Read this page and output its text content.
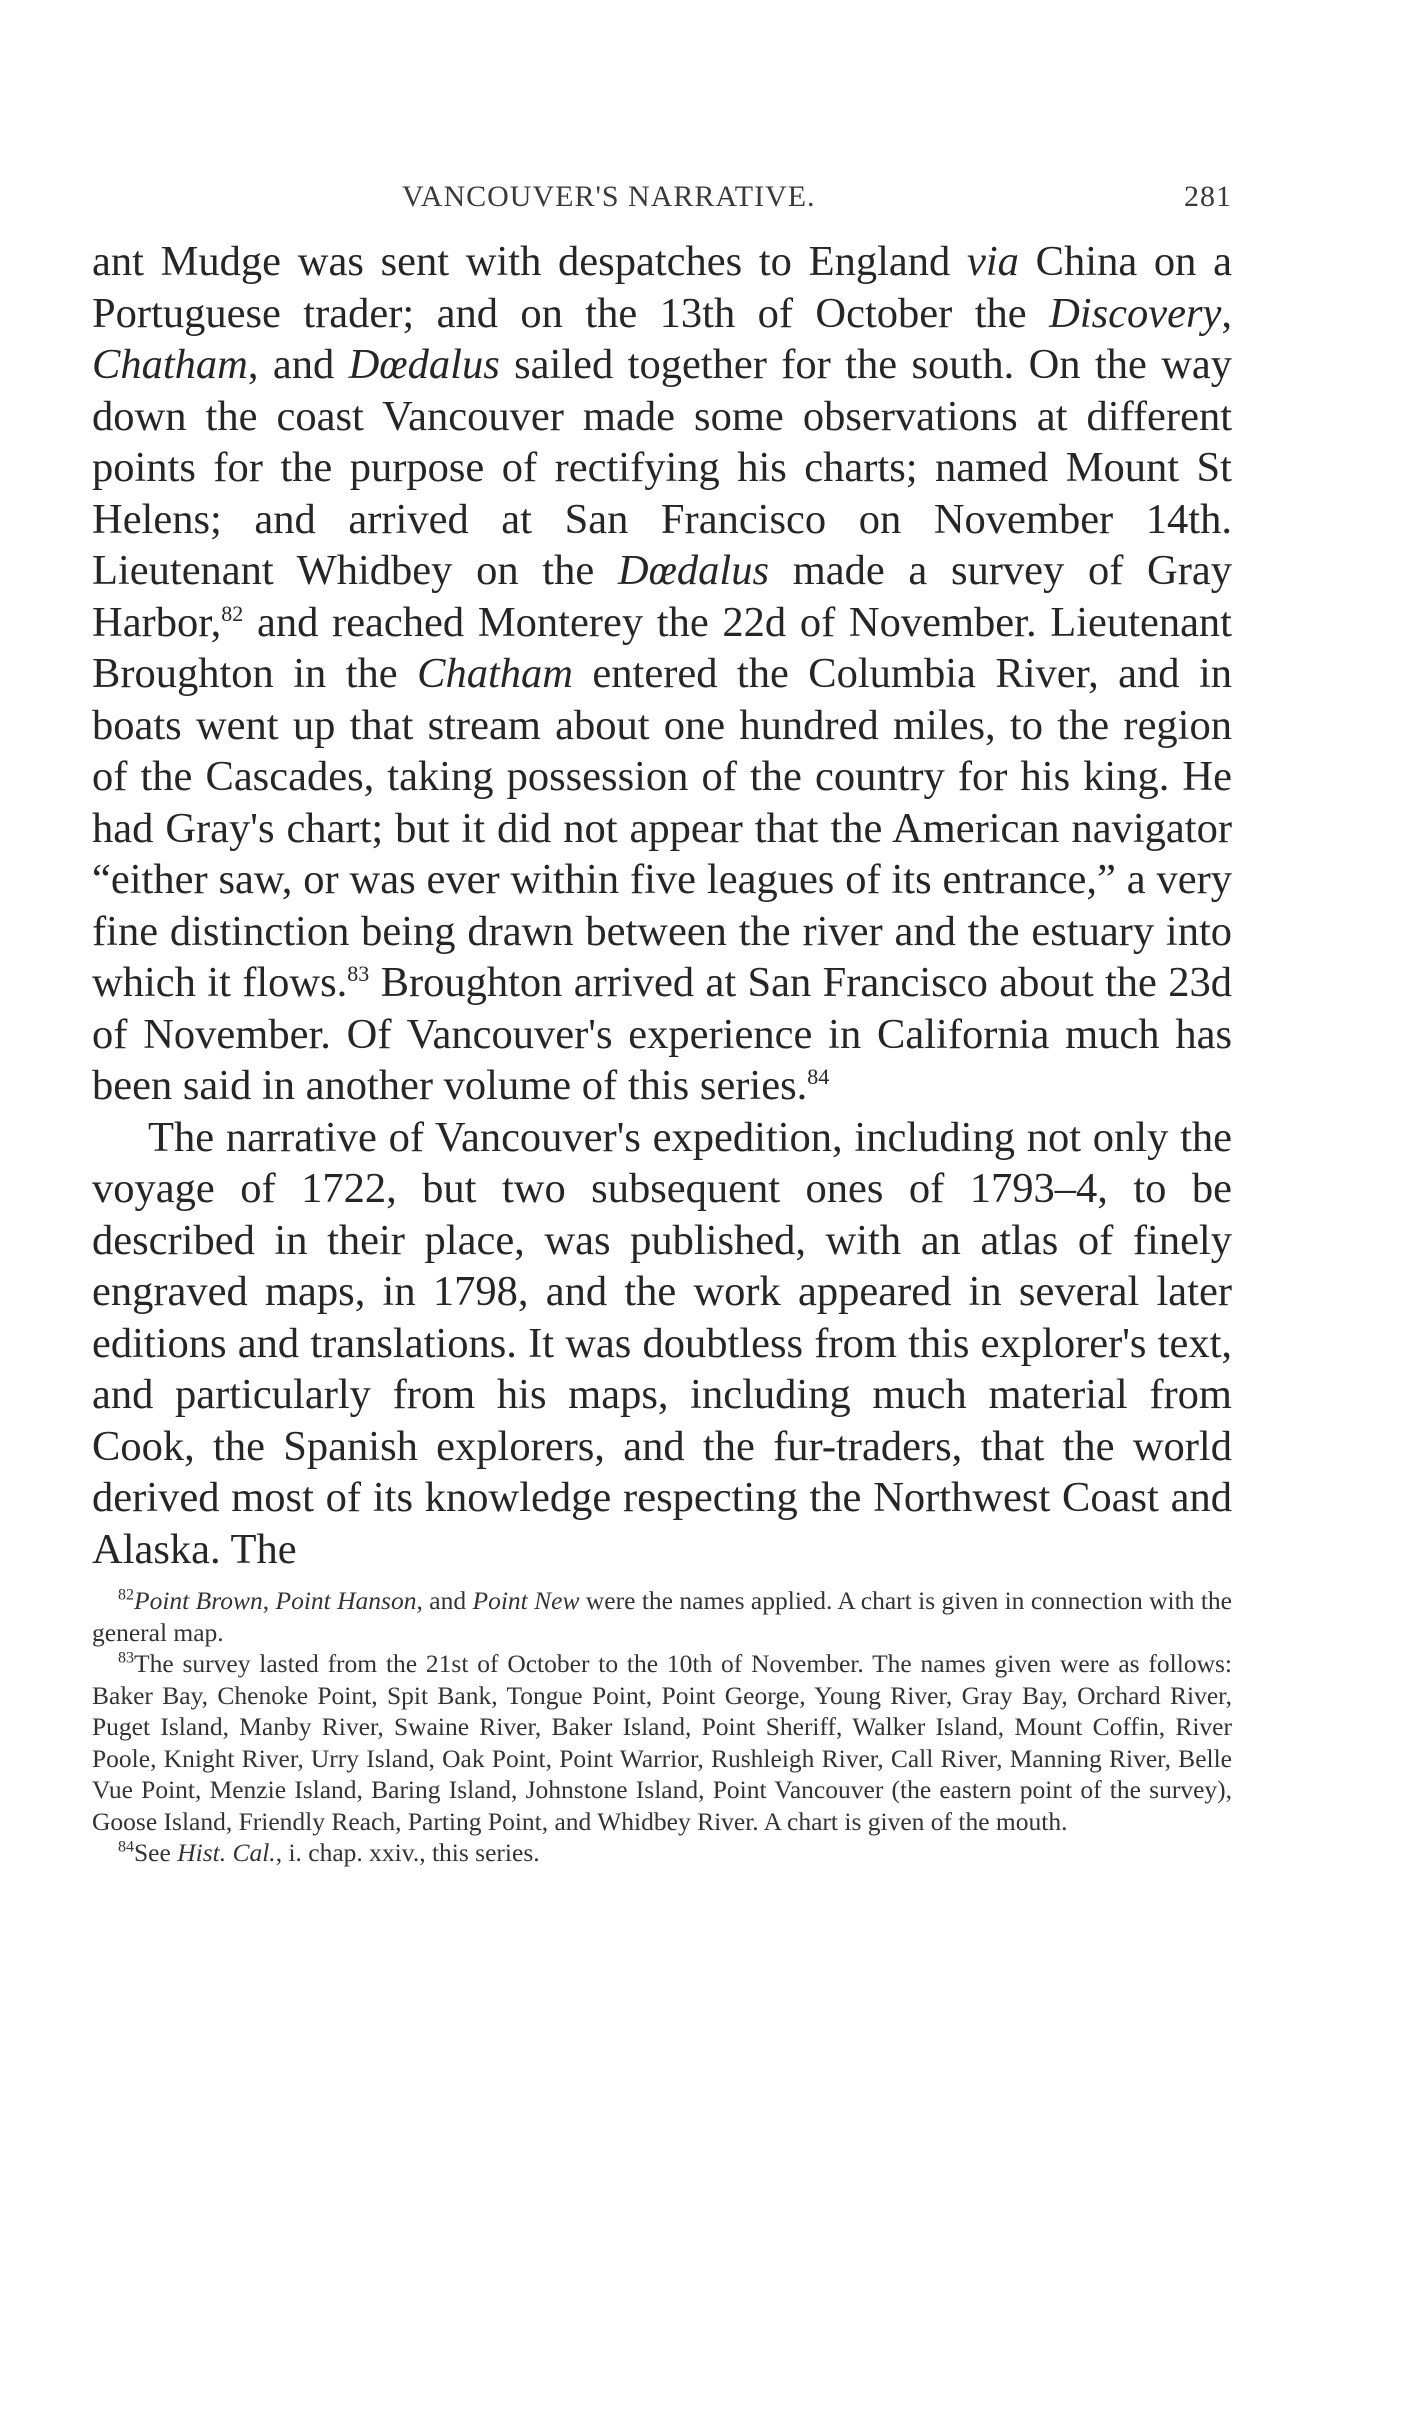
VANCOUVER'S NARRATIVE.	281

ant Mudge was sent with despatches to England via China on a Portuguese trader; and on the 13th of October the Discovery, Chatham, and Dœdalus sailed together for the south. On the way down the coast Vancouver made some observations at different points for the purpose of rectifying his charts; named Mount St Helens; and arrived at San Francisco on November 14th. Lieutenant Whidbey on the Dœdalus made a survey of Gray Harbor,$^{82}$ and reached Monterey the 22d of November. Lieutenant Broughton in the Chatham entered the Columbia River, and in boats went up that stream about one hundred miles, to the region of the Cascades, taking possession of the country for his king. He had Gray's chart; but it did not appear that the American navigator “either saw, or was ever within five leagues of its entrance,” a very fine distinction being drawn between the river and the estuary into which it flows.$^{83}$ Broughton arrived at San Francisco about the 23d of November. Of Vancouver's experience in California much has been said in another volume of this series.$^{84}$

The narrative of Vancouver's expedition, including not only the voyage of 1722, but two subsequent ones of 1793–4, to be described in their place, was published, with an atlas of finely engraved maps, in 1798, and the work appeared in several later editions and translations. It was doubtless from this explorer's text, and particularly from his maps, including much material from Cook, the Spanish explorers, and the fur-traders, that the world derived most of its knowledge respecting the Northwest Coast and Alaska. The

$^{82}$Point Brown, Point Hanson, and Point New were the names applied. A chart is given in connection with the general map.

$^{83}$The survey lasted from the 21st of October to the 10th of November. The names given were as follows: Baker Bay, Chenoke Point, Spit Bank, Tongue Point, Point George, Young River, Gray Bay, Orchard River, Puget Island, Manby River, Swaine River, Baker Island, Point Sheriff, Walker Island, Mount Coffin, River Poole, Knight River, Urry Island, Oak Point, Point Warrior, Rushleigh River, Call River, Manning River, Belle Vue Point, Menzie Island, Baring Island, Johnstone Island, Point Vancouver (the eastern point of the survey), Goose Island, Friendly Reach, Parting Point, and Whidbey River. A chart is given of the mouth.

$^{84}$See Hist. Cal., i. chap. xxiv., this series.
